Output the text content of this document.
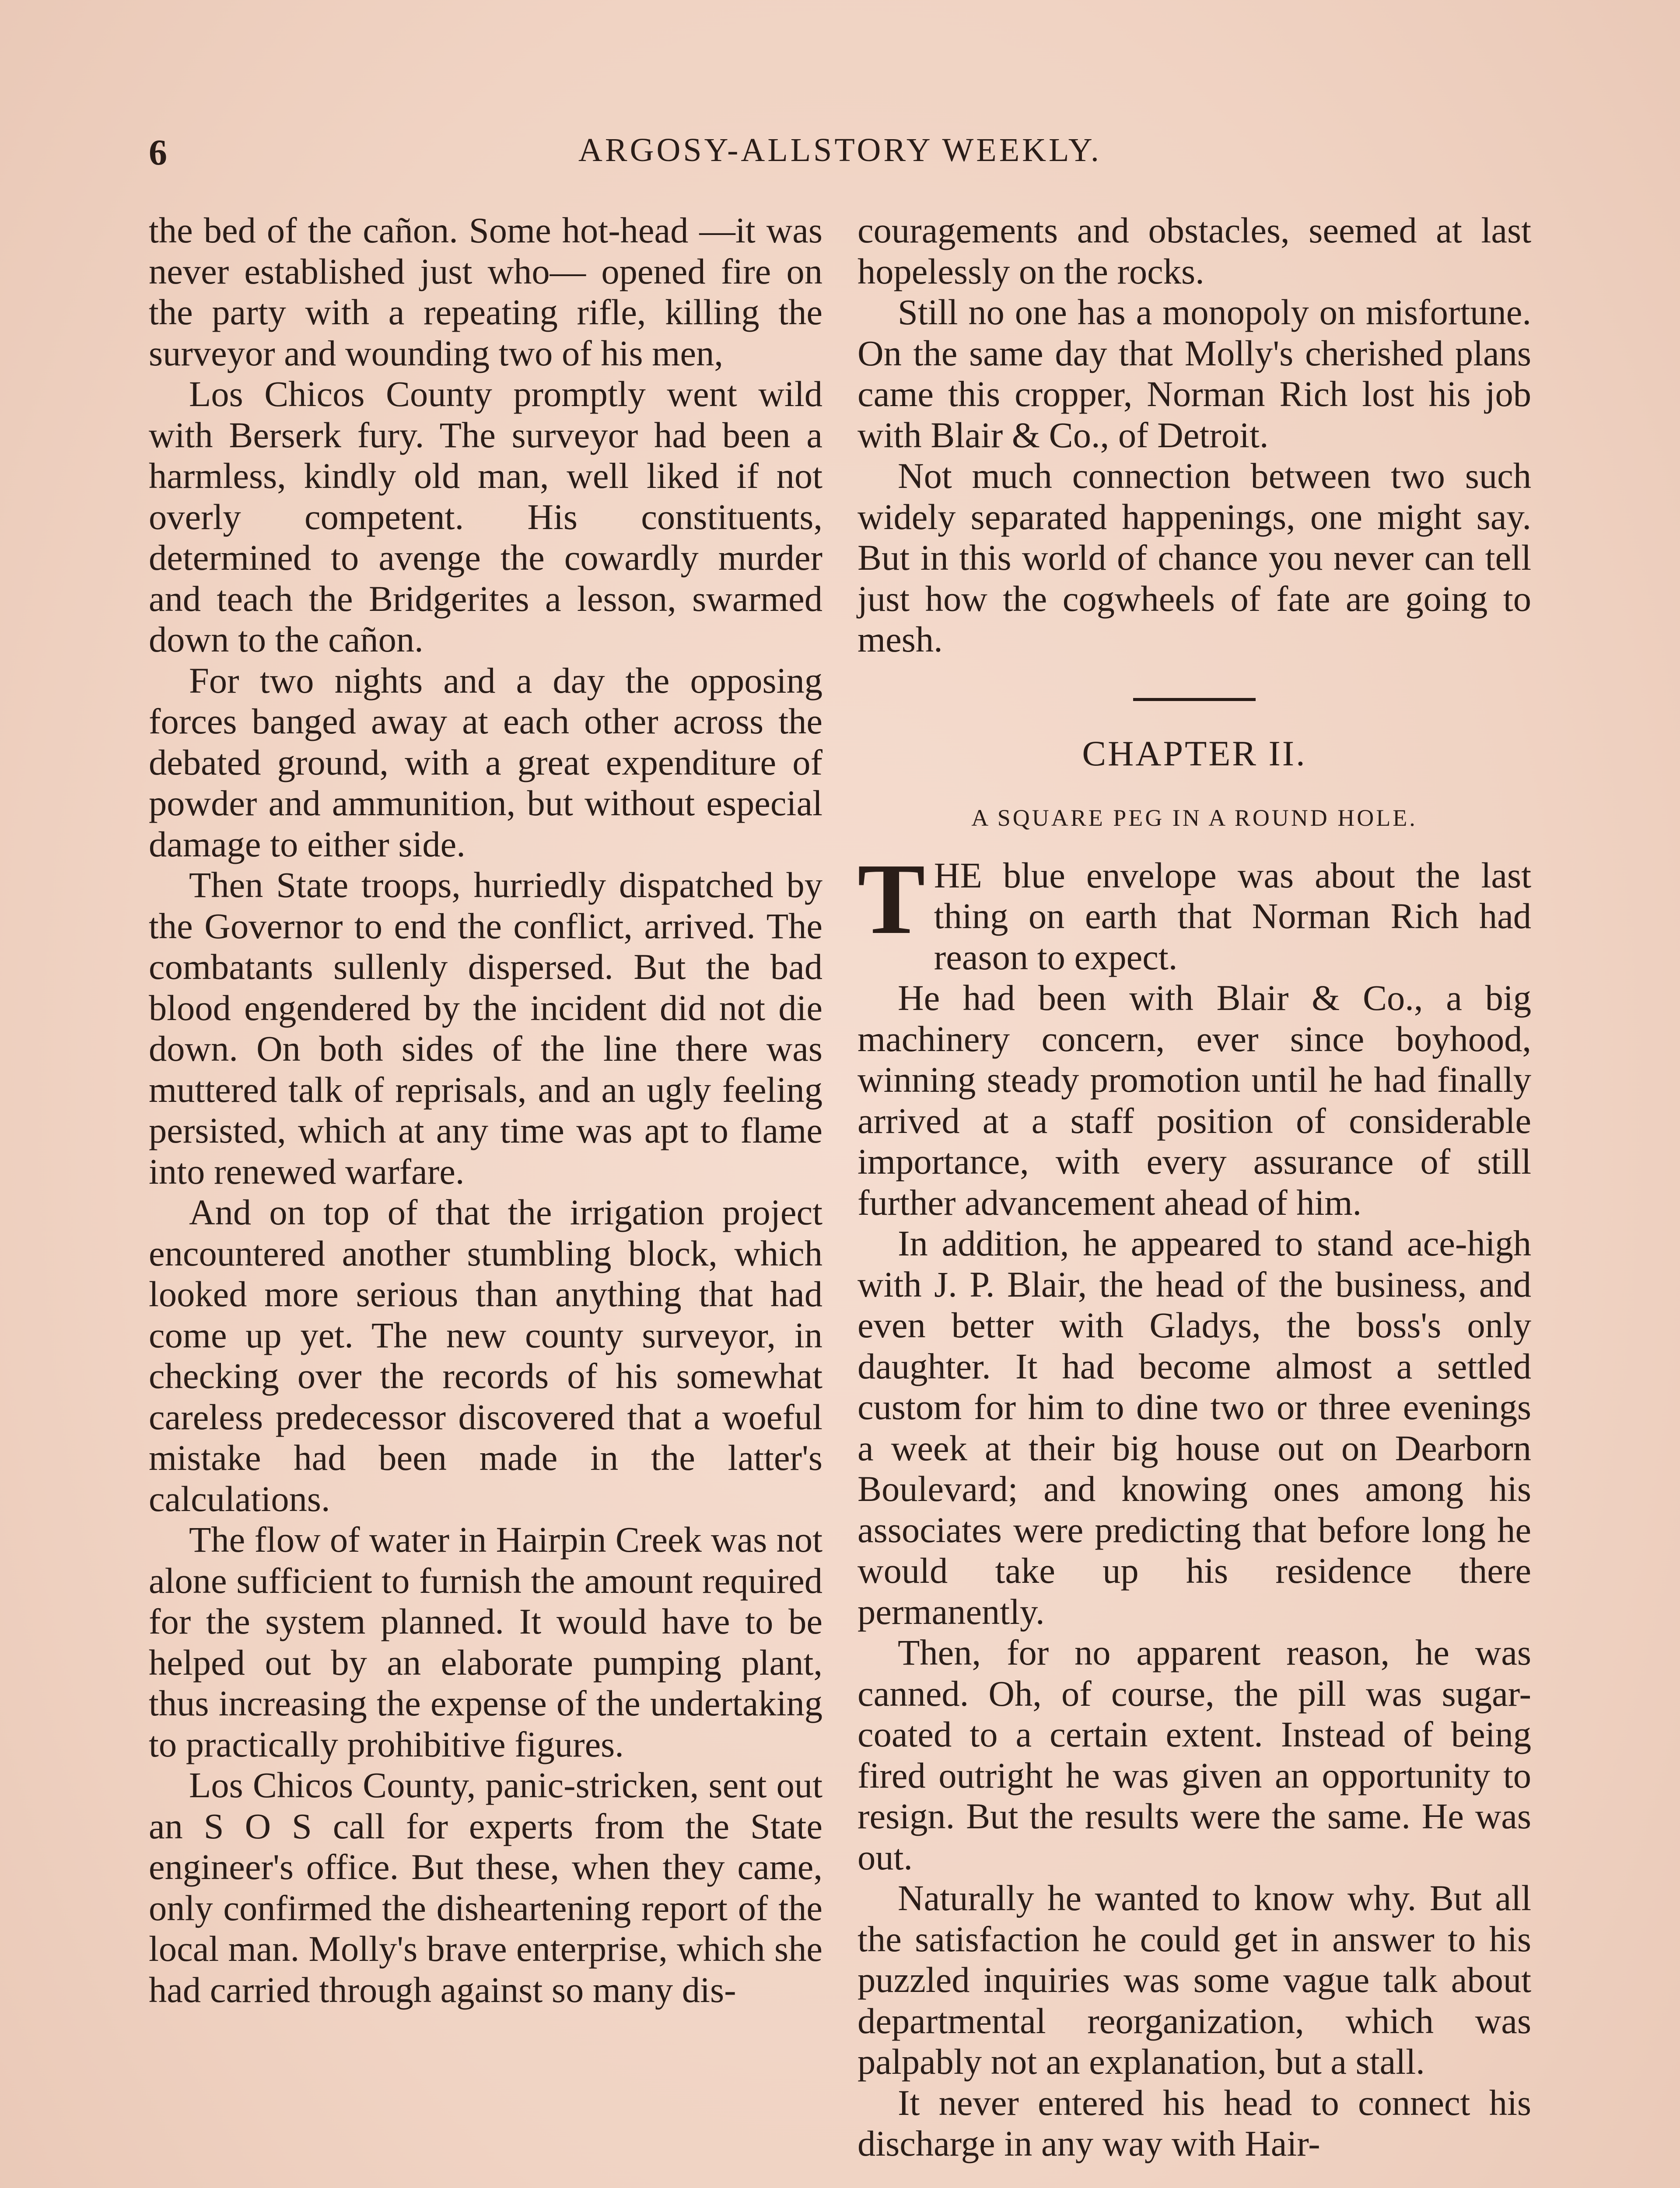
6	ARGOSY-ALLSTORY WEEKLY.

the bed of the cañon. Some hot-head —it was never established just who— opened fire on the party with a repeating rifle, killing the surveyor and wounding two of his men,

Los Chicos County promptly went wild with Berserk fury. The surveyor had been a harmless, kindly old man, well liked if not overly competent. His constituents, determined to avenge the cowardly murder and teach the Bridgerites a lesson, swarmed down to the cañon.

For two nights and a day the opposing forces banged away at each other across the debated ground, with a great expenditure of powder and ammunition, but without especial damage to either side.

Then State troops, hurriedly dispatched by the Governor to end the conflict, arrived. The combatants sullenly dispersed. But the bad blood engendered by the incident did not die down. On both sides of the line there was muttered talk of reprisals, and an ugly feeling persisted, which at any time was apt to flame into renewed warfare.

And on top of that the irrigation project encountered another stumbling block, which looked more serious than anything that had come up yet. The new county surveyor, in checking over the records of his somewhat careless predecessor discovered that a woeful mistake had been made in the latter's calculations.

The flow of water in Hairpin Creek was not alone sufficient to furnish the amount required for the system planned. It would have to be helped out by an elaborate pumping plant, thus increasing the expense of the undertaking to practically prohibitive figures.

Los Chicos County, panic-stricken, sent out an S O S call for experts from the State engineer's office. But these, when they came, only confirmed the disheartening report of the local man. Molly's brave enterprise, which she had carried through against so many dis-

couragements and obstacles, seemed at last hopelessly on the rocks.

Still no one has a monopoly on misfortune. On the same day that Molly's cherished plans came this cropper, Norman Rich lost his job with Blair & Co., of Detroit.

Not much connection between two such widely separated happenings, one might say. But in this world of chance you never can tell just how the cogwheels of fate are going to mesh.

CHAPTER II.
A SQUARE PEG IN A ROUND HOLE.

THE blue envelope was about the last thing on earth that Norman Rich had reason to expect.

He had been with Blair & Co., a big machinery concern, ever since boyhood, winning steady promotion until he had finally arrived at a staff position of considerable importance, with every assurance of still further advancement ahead of him.

In addition, he appeared to stand ace-high with J. P. Blair, the head of the business, and even better with Gladys, the boss's only daughter. It had become almost a settled custom for him to dine two or three evenings a week at their big house out on Dearborn Boulevard; and knowing ones among his associates were predicting that before long he would take up his residence there permanently.

Then, for no apparent reason, he was canned. Oh, of course, the pill was sugar-coated to a certain extent. Instead of being fired outright he was given an opportunity to resign. But the results were the same. He was out.

Naturally he wanted to know why. But all the satisfaction he could get in answer to his puzzled inquiries was some vague talk about departmental reorganization, which was palpably not an explanation, but a stall.

It never entered his head to connect his discharge in any way with Hair-
